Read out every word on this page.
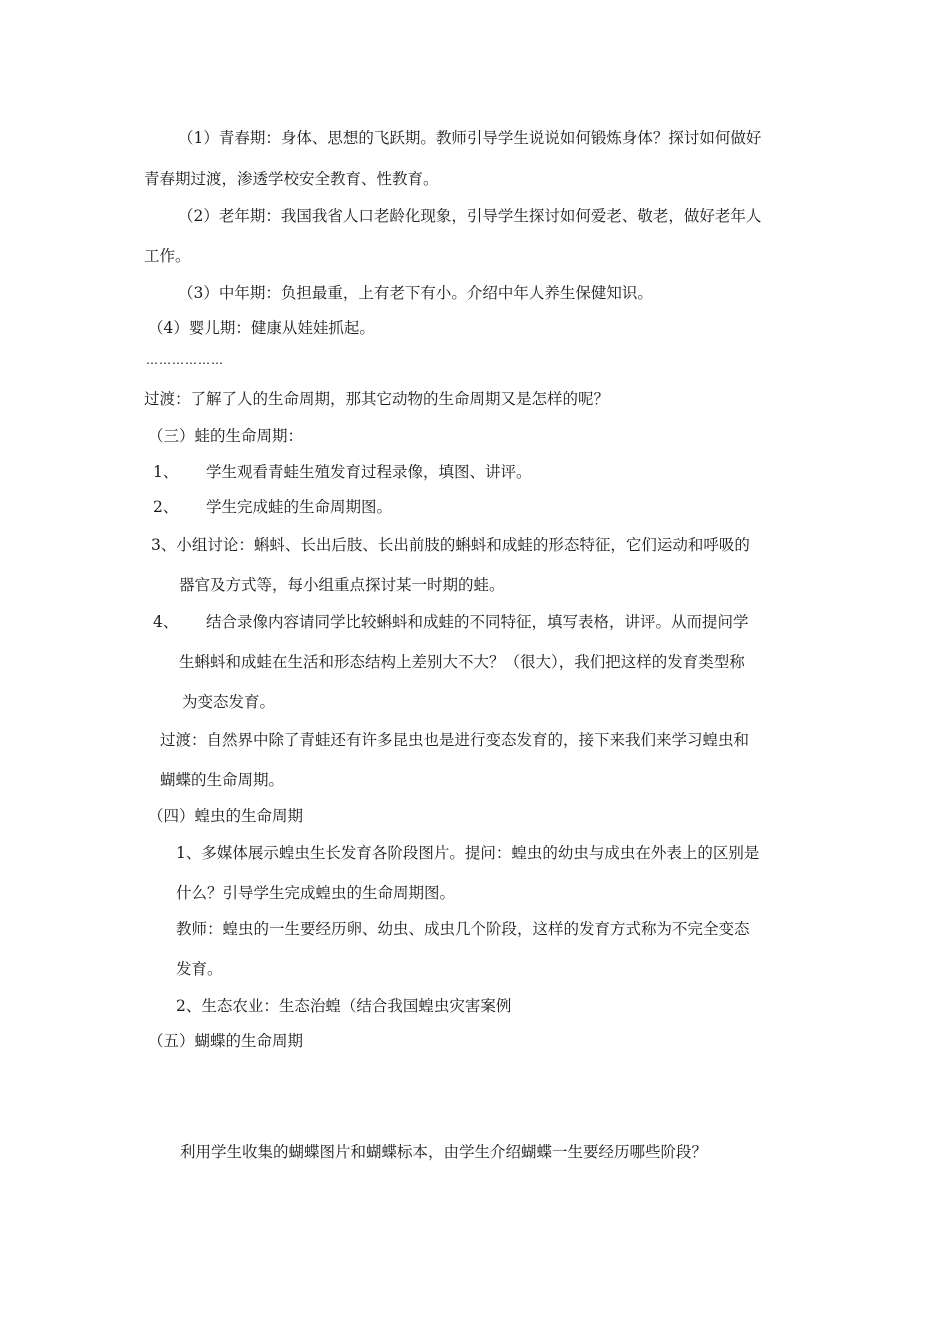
（1）青春期：身体、思想的飞跃期。教师引导学生说说如何锻炼身体？探讨如何做好
青春期过渡，渗透学校安全教育、性教育。
（2）老年期：我国我省人口老龄化现象，引导学生探讨如何爱老、敬老，做好老年人
工作。
（3）中年期：负担最重，上有老下有小。介绍中年人养生保健知识。
（4）婴儿期：健康从娃娃抓起。
………………
过渡：了解了人的生命周期，那其它动物的生命周期又是怎样的呢？
（三）蛙的生命周期：
1、 学生观看青蛙生殖发育过程录像，填图、讲评。
2、 学生完成蛙的生命周期图。
3、小组讨论：蝌蚪、长出后肢、长出前肢的蝌蚪和成蛙的形态特征，它们运动和呼吸的
器官及方式等，每小组重点探讨某一时期的蛙。
4、 结合录像内容请同学比较蝌蚪和成蛙的不同特征，填写表格，讲评。从而提问学
生蝌蚪和成蛙在生活和形态结构上差别大不大？（很大），我们把这样的发育类型称
为变态发育。
过渡：自然界中除了青蛙还有许多昆虫也是进行变态发育的，接下来我们来学习蝗虫和
蝴蝶的生命周期。
（四）蝗虫的生命周期
1、多媒体展示蝗虫生长发育各阶段图片。提问：蝗虫的幼虫与成虫在外表上的区别是
什么？引导学生完成蝗虫的生命周期图。
教师：蝗虫的一生要经历卵、幼虫、成虫几个阶段，这样的发育方式称为不完全变态
发育。
2、生态农业：生态治蝗（结合我国蝗虫灾害案例
（五）蝴蝶的生命周期
利用学生收集的蝴蝶图片和蝴蝶标本，由学生介绍蝴蝶一生要经历哪些阶段？
